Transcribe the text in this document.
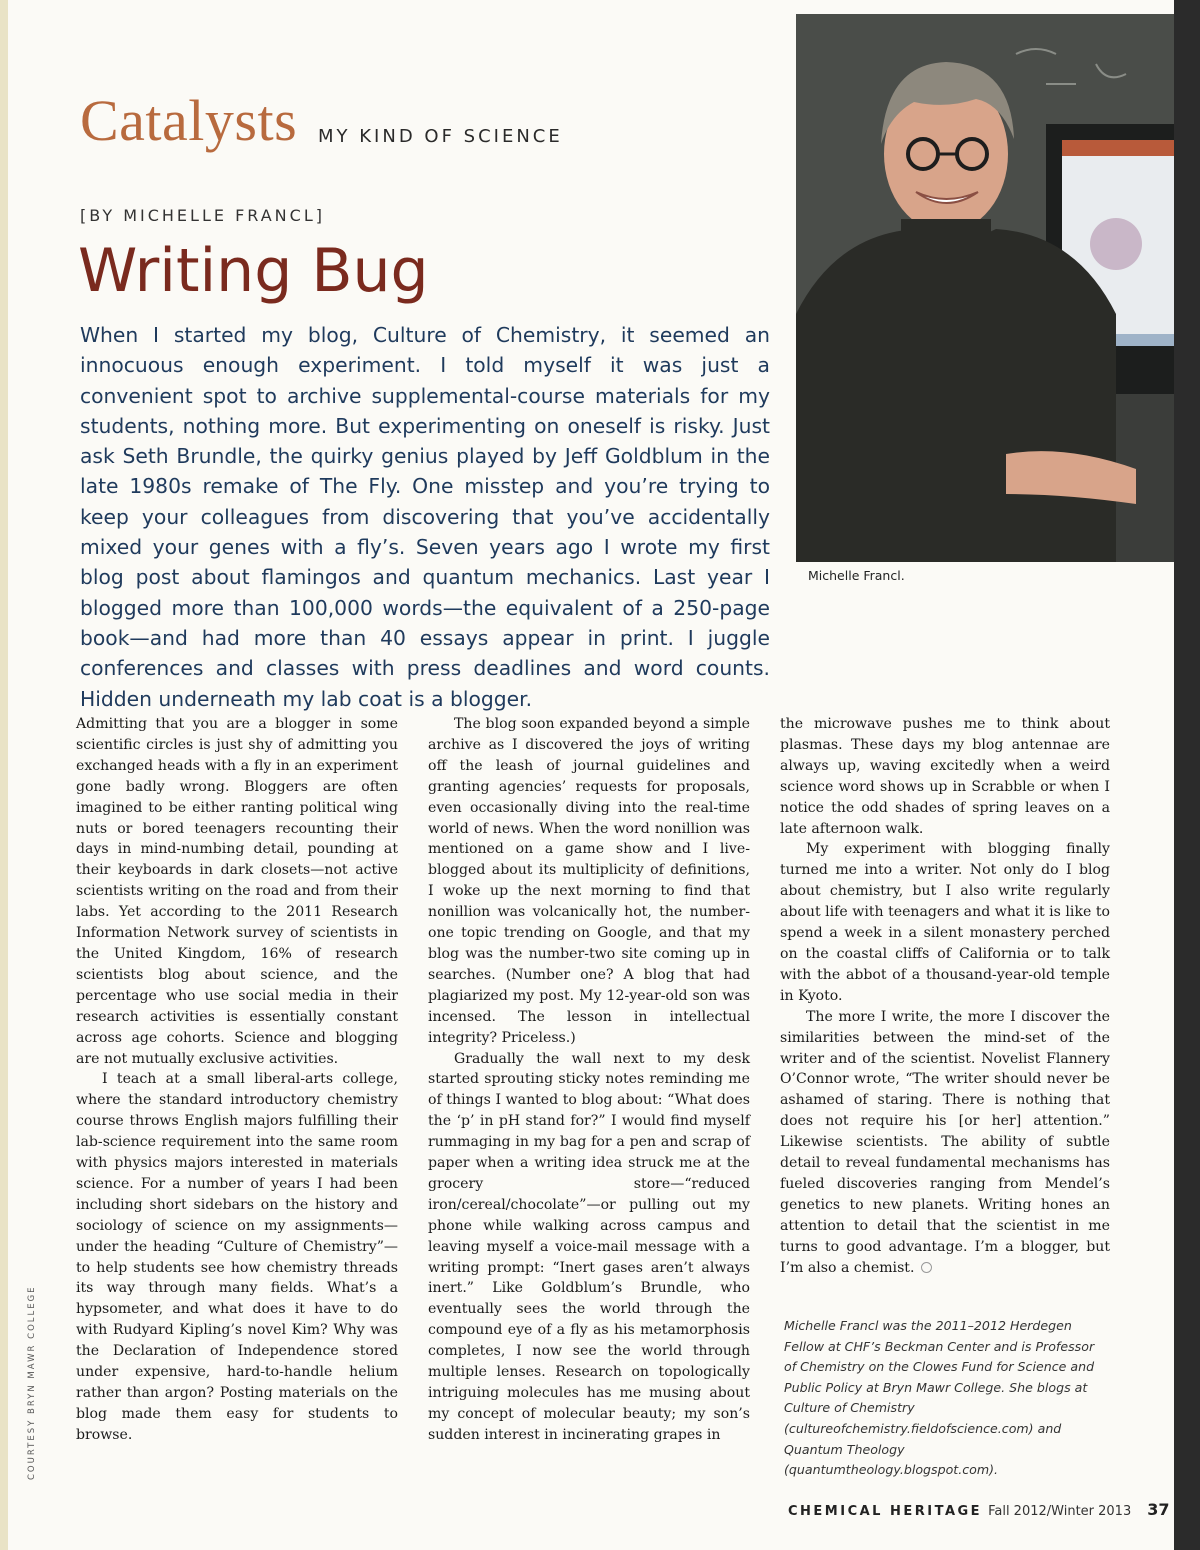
Catalysts MY KIND OF SCIENCE
[BY MICHELLE FRANCL]
Writing Bug

When I started my blog, Culture of Chemistry, it seemed an innocuous enough experiment. I told myself it was just a convenient spot to archive supplemental-course materials for my students, nothing more. But experimenting on oneself is risky. Just ask Seth Brundle, the quirky genius played by Jeff Goldblum in the late 1980s remake of The Fly. One misstep and you’re trying to keep your colleagues from discovering that you’ve accidentally mixed your genes with a fly’s. Seven years ago I wrote my first blog post about flamingos and quantum mechanics. Last year I blogged more than 100,000 words—the equivalent of a 250-page book—and had more than 40 essays appear in print. I juggle conferences and classes with press deadlines and word counts. Hidden underneath my lab coat is a blogger.

Michelle Francl.

Admitting that you are a blogger in some scientific circles is just shy of admitting you exchanged heads with a fly in an experiment gone badly wrong. Bloggers are often imagined to be either ranting political wing nuts or bored teenagers recounting their days in mind-numbing detail, pounding at their keyboards in dark closets—not active scientists writing on the road and from their labs. Yet according to the 2011 Research Information Network survey of scientists in the United Kingdom, 16% of research scientists blog about science, and the percentage who use social media in their research activities is essentially constant across age cohorts. Science and blogging are not mutually exclusive activities.

I teach at a small liberal-arts college, where the standard introductory chemistry course throws English majors fulfilling their lab-science requirement into the same room with physics majors interested in materials science. For a number of years I had been including short sidebars on the history and sociology of science on my assignments—under the heading “Culture of Chemistry”—to help students see how chemistry threads its way through many fields. What’s a hypsometer, and what does it have to do with Rudyard Kipling’s novel Kim? Why was the Declaration of Independence stored under expensive, hard-to-handle helium rather than argon? Posting materials on the blog made them easy for students to browse.

The blog soon expanded beyond a simple archive as I discovered the joys of writing off the leash of journal guidelines and granting agencies’ requests for proposals, even occasionally diving into the real-time world of news. When the word nonillion was mentioned on a game show and I live-blogged about its multiplicity of definitions, I woke up the next morning to find that nonillion was volcanically hot, the number-one topic trending on Google, and that my blog was the number-two site coming up in searches. (Number one? A blog that had plagiarized my post. My 12-year-old son was incensed. The lesson in intellectual integrity? Priceless.)

Gradually the wall next to my desk started sprouting sticky notes reminding me of things I wanted to blog about: “What does the ‘p’ in pH stand for?” I would find myself rummaging in my bag for a pen and scrap of paper when a writing idea struck me at the grocery store—“reduced iron/cereal/chocolate”—or pulling out my phone while walking across campus and leaving myself a voice-mail message with a writing prompt: “Inert gases aren’t always inert.” Like Goldblum’s Brundle, who eventually sees the world through the compound eye of a fly as his metamorphosis completes, I now see the world through multiple lenses. Research on topologically intriguing molecules has me musing about my concept of molecular beauty; my son’s sudden interest in incinerating grapes in

the microwave pushes me to think about plasmas. These days my blog antennae are always up, waving excitedly when a weird science word shows up in Scrabble or when I notice the odd shades of spring leaves on a late afternoon walk.

My experiment with blogging finally turned me into a writer. Not only do I blog about chemistry, but I also write regularly about life with teenagers and what it is like to spend a week in a silent monastery perched on the coastal cliffs of California or to talk with the abbot of a thousand-year-old temple in Kyoto.

The more I write, the more I discover the similarities between the mind-set of the writer and of the scientist. Novelist Flannery O’Connor wrote, “The writer should never be ashamed of staring. There is nothing that does not require his [or her] attention.” Likewise scientists. The ability of subtle detail to reveal fundamental mechanisms has fueled discoveries ranging from Mendel’s genetics to new planets. Writing hones an attention to detail that the scientist in me turns to good advantage. I’m a blogger, but I’m also a chemist.

Michelle Francl was the 2011–2012 Herdegen Fellow at CHF’s Beckman Center and is Professor of Chemistry on the Clowes Fund for Science and Public Policy at Bryn Mawr College. She blogs at Culture of Chemistry (cultureofchemistry.fieldofscience.com) and Quantum Theology (quantumtheology.blogspot.com).
COURTESY BRYN MAWR COLLEGE
CHEMICAL HERITAGE Fall 2012/Winter 2013 37
